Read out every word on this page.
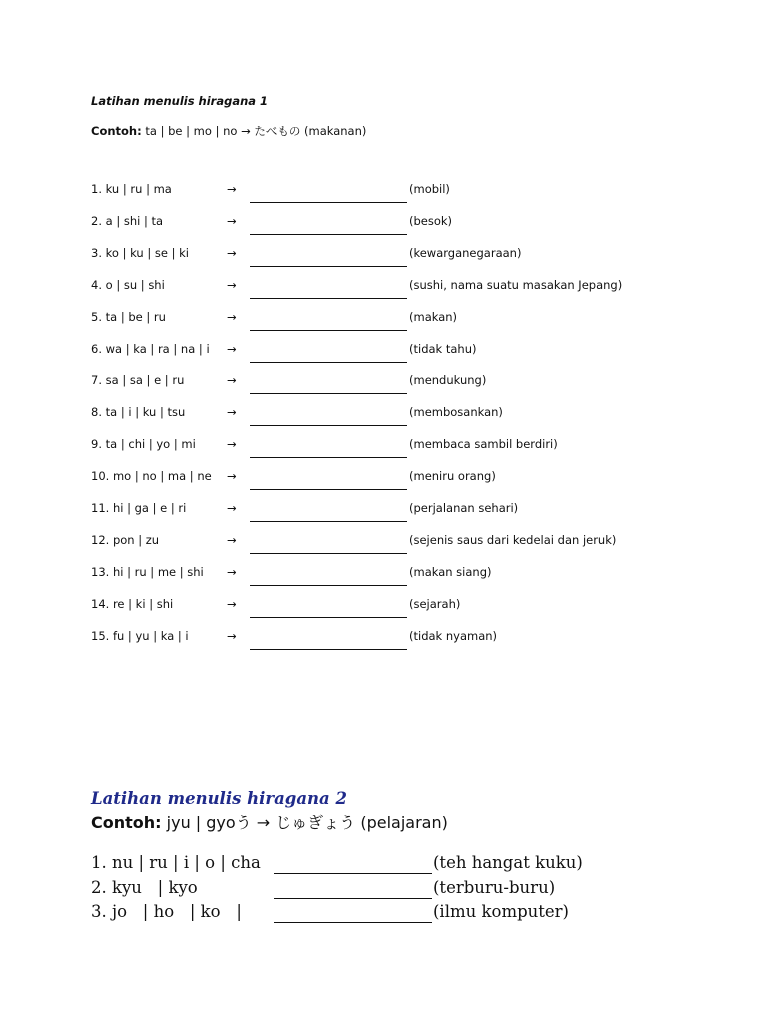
Latihan menulis hiragana 1
Contoh: ta | be | mo | no → たべもの (makanan)
1. ku | ru | ma	→	(mobil)
2. a | shi | ta	→	(besok)
3. ko | ku | se | ki	→	(kewarganegaraan)
4. o | su | shi	→	(sushi, nama suatu masakan Jepang)
5. ta | be | ru	→	(makan)
6. wa | ka | ra | na | i →	(tidak tahu)
7. sa | sa | e | ru	→	(mendukung)
8. ta | i | ku | tsu	→	(membosankan)
9. ta | chi | yo | mi	→	(membaca sambil berdiri)
10. mo | no | ma | ne →	(meniru orang)
11. hi | ga | e | ri	→	(perjalanan sehari)
12. pon | zu	→	(sejenis saus dari kedelai dan jeruk)
13. hi | ru | me | shi →	(makan siang)
14. re | ki | shi	→	(sejarah)
15. fu | yu | ka | i	→	(tidak nyaman)
Latihan menulis hiragana 2
Contoh: jyu | gyoう → じゅぎょう (pelajaran)
1. nu | ru | i | o | cha	(teh hangat kuku)
2. kyu   | kyo	(terburu-buru)
3. jo   | ho   | ko   |	(ilmu komputer)
